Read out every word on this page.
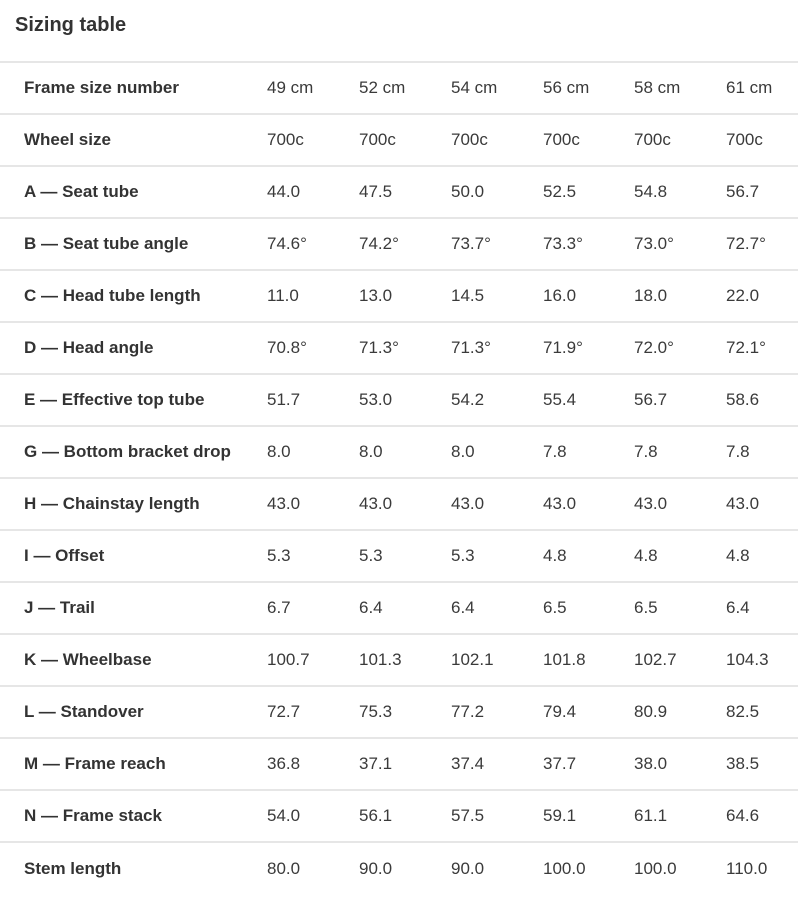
Sizing table
Frame size number	49 cm	52 cm	54 cm	56 cm	58 cm	61 cm
Wheel size	700c	700c	700c	700c	700c	700c
A — Seat tube	44.0	47.5	50.0	52.5	54.8	56.7
B — Seat tube angle	74.6°	74.2°	73.7°	73.3°	73.0°	72.7°
C — Head tube length	11.0	13.0	14.5	16.0	18.0	22.0
D — Head angle	70.8°	71.3°	71.3°	71.9°	72.0°	72.1°
E — Effective top tube	51.7	53.0	54.2	55.4	56.7	58.6
G — Bottom bracket drop	8.0	8.0	8.0	7.8	7.8	7.8
H — Chainstay length	43.0	43.0	43.0	43.0	43.0	43.0
I — Offset	5.3	5.3	5.3	4.8	4.8	4.8
J — Trail	6.7	6.4	6.4	6.5	6.5	6.4
K — Wheelbase	100.7	101.3	102.1	101.8	102.7	104.3
L — Standover	72.7	75.3	77.2	79.4	80.9	82.5
M — Frame reach	36.8	37.1	37.4	37.7	38.0	38.5
N — Frame stack	54.0	56.1	57.5	59.1	61.1	64.6
Stem length	80.0	90.0	90.0	100.0	100.0	110.0
